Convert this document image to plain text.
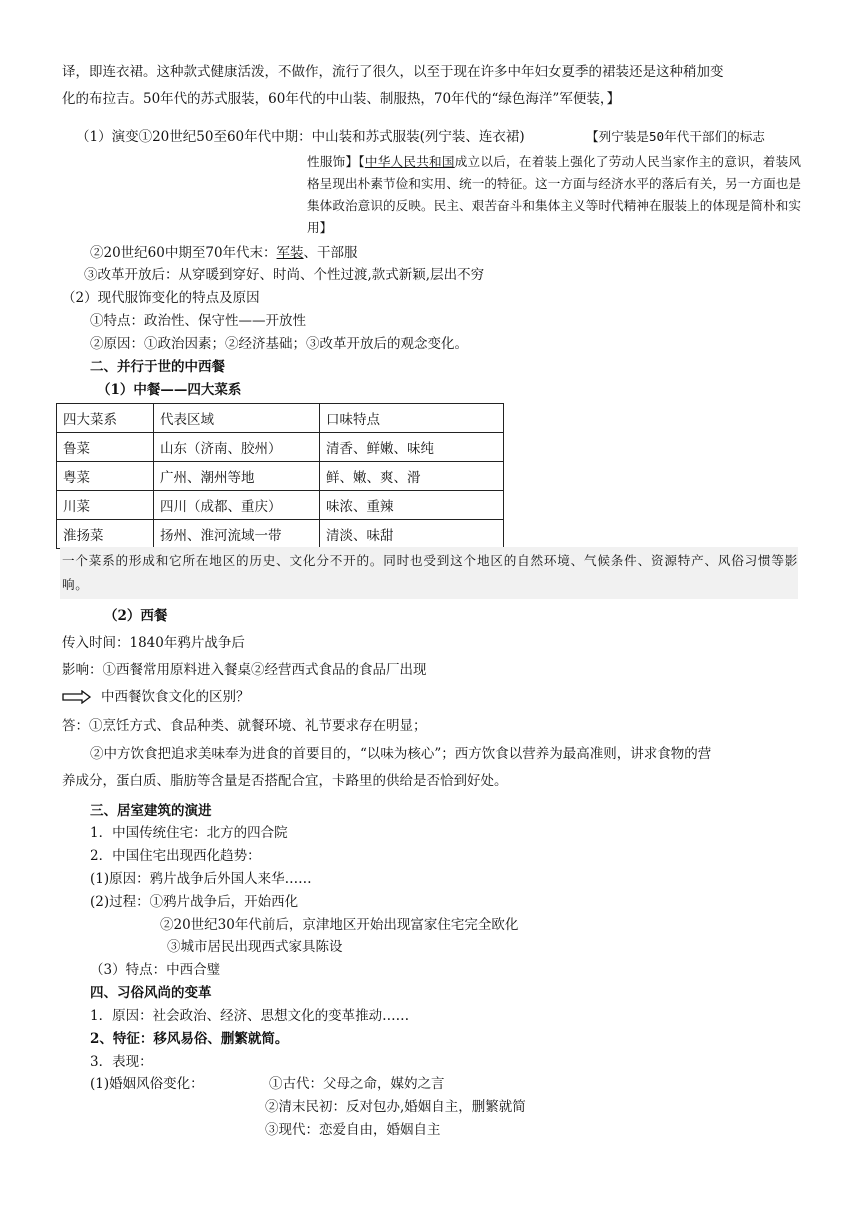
译，即连衣裙。这种款式健康活泼，不做作，流行了很久，以至于现在许多中年妇女夏季的裙装还是这种稍加变
化的布拉吉。50年代的苏式服装，60年代的中山装、制服热，70年代的“绿色海洋”军便装，】
（1）演变①20世纪50至60年代中期：中山装和苏式服装(列宁装、连衣裙)	【列宁装是50年代干部们的标志
性服饰】【中华人民共和国成立以后，在着装上强化了劳动人民当家作主的意识，着装风格呈现出朴素节俭和实用、统一的特征。这一方面与经济水平的落后有关，另一方面也是集体政治意识的反映。民主、艰苦奋斗和集体主义等时代精神在服装上的体现是简朴和实用】
②20世纪60中期至70年代末：军装、干部服
③改革开放后：从穿暖到穿好、时尚、个性过渡,款式新颖,层出不穷
（2）现代服饰变化的特点及原因
①特点：政治性、保守性——开放性
②原因：①政治因素；②经济基础；③改革开放后的观念变化。
二、并行于世的中西餐
（1）中餐——四大菜系
四大菜系	代表区域	口味特点
鲁菜	山东（济南、胶州）	清香、鲜嫩、味纯
粤菜	广州、潮州等地	鲜、嫩、爽、滑
川菜	四川（成都、重庆）	味浓、重辣
淮扬菜	扬州、淮河流域一带	清淡、味甜
一个菜系的形成和它所在地区的历史、文化分不开的。同时也受到这个地区的自然环境、气候条件、资源特产、风俗习惯等影响。
（2）西餐
传入时间：1840年鸦片战争后
影响：①西餐常用原料进入餐桌②经营西式食品的食品厂出现
中西餐饮食文化的区别？
答：①烹饪方式、食品种类、就餐环境、礼节要求存在明显；
②中方饮食把追求美味奉为进食的首要目的，“以味为核心”；西方饮食以营养为最高准则，讲求食物的营
养成分，蛋白质、脂肪等含量是否搭配合宜，卡路里的供给是否恰到好处。
三、居室建筑的演进
1．中国传统住宅：北方的四合院
2．中国住宅出现西化趋势：
(1)原因：鸦片战争后外国人来华……
(2)过程：①鸦片战争后，开始西化
②20世纪30年代前后，京津地区开始出现富家住宅完全欧化
③城市居民出现西式家具陈设
（3）特点：中西合璧
四、习俗风尚的变革
1．原因：社会政治、经济、思想文化的变革推动……
2、特征：移风易俗、删繁就简。
3．表现：
(1)婚姻风俗变化：	①古代：父母之命，媒妁之言
②清末民初：反对包办,婚姻自主，删繁就简
③现代：恋爱自由，婚姻自主
